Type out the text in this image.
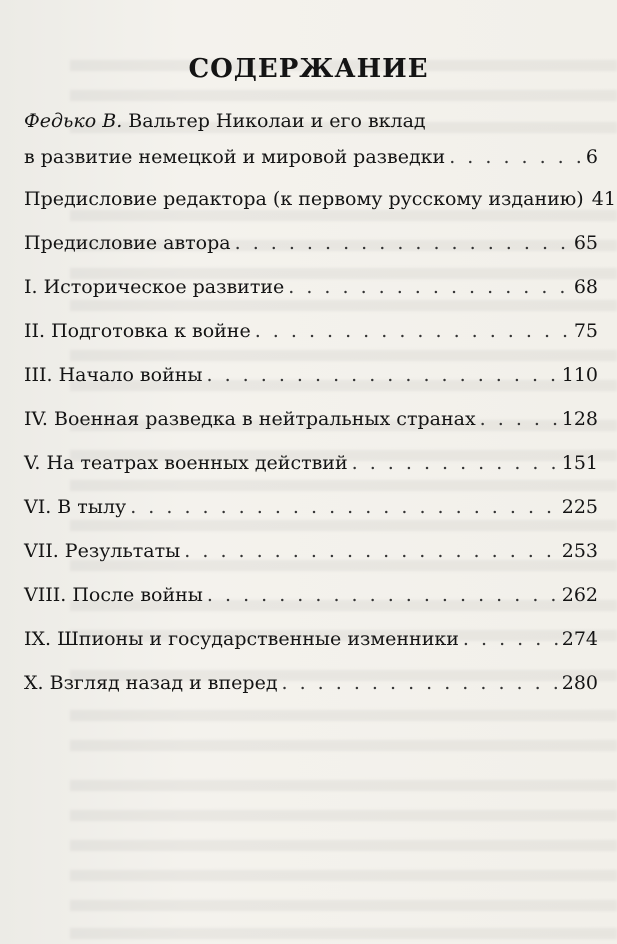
СОДЕРЖАНИЕ
Федько В. Вальтер Николаи и его вклад
в развитие немецкой и мировой разведки . . .	6
Предисловие редактора (к первому русскому изданию) 41
Предисловие автора . . .	65
I. Историческое развитие . . .	68
II. Подготовка к войне . . .	75
III. Начало войны . . .	110
IV. Военная разведка в нейтральных странах . . .	128
V. На театрах военных действий . . .	151
VI. В тылу . . .	225
VII. Результаты . . .	253
VIII. После войны . . .	262
IX. Шпионы и государственные изменники . . .	274
X. Взгляд назад и вперед . . .	280
